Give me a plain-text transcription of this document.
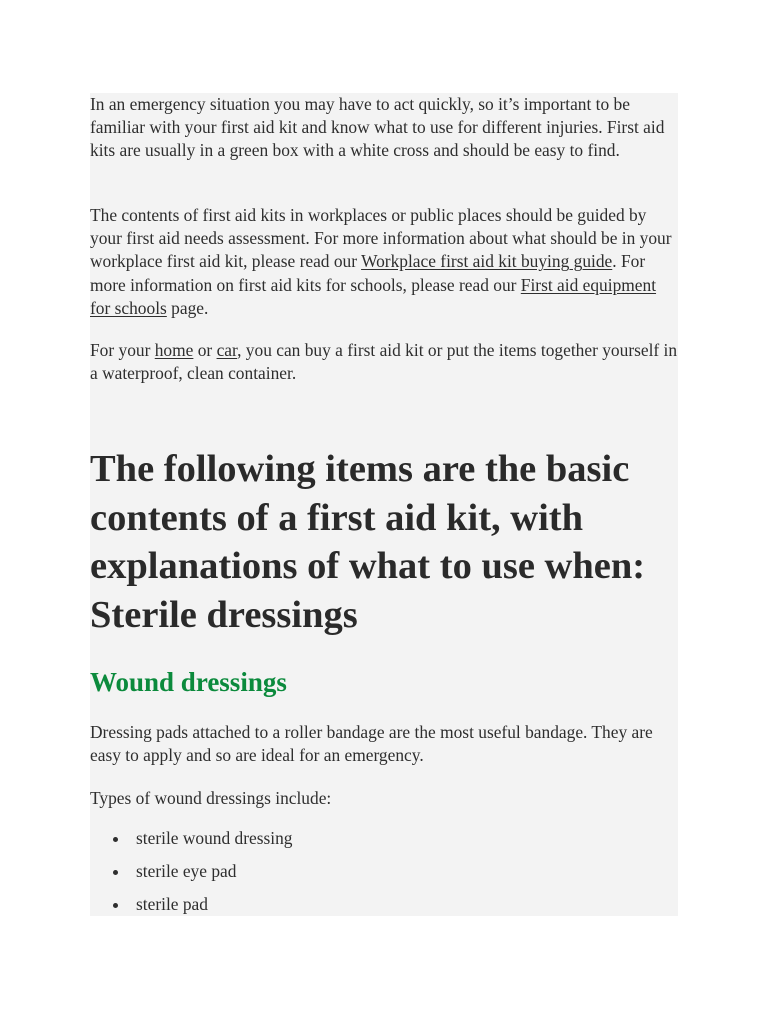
In an emergency situation you may have to act quickly, so it’s important to be familiar with your first aid kit and know what to use for different injuries. First aid kits are usually in a green box with a white cross and should be easy to find.

The contents of first aid kits in workplaces or public places should be guided by your first aid needs assessment. For more information about what should be in your workplace first aid kit, please read our Workplace first aid kit buying guide. For more information on first aid kits for schools, please read our First aid equipment for schools page.

For your home or car, you can buy a first aid kit or put the items together yourself in a waterproof, clean container.

The following items are the basic contents of a first aid kit, with explanations of what to use when: Sterile dressings
Wound dressings

Dressing pads attached to a roller bandage are the most useful bandage. They are easy to apply and so are ideal for an emergency.

Types of wound dressings include:

sterile wound dressing
sterile eye pad
sterile pad
